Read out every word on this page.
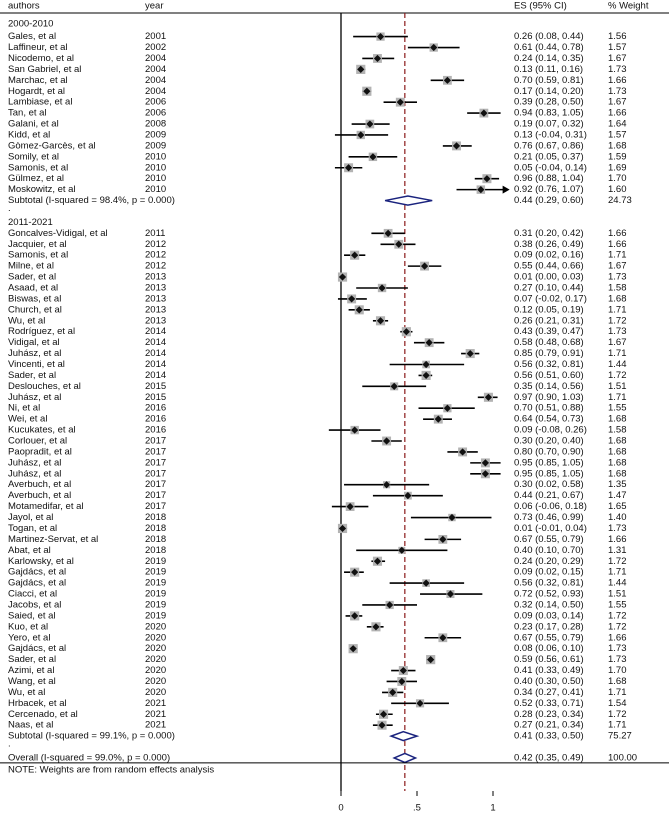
authors	year	ES (95% CI)	% Weight
2000-2010
Gales, et al	2001	0.26 (0.08, 0.44)	1.56
Laffineur, et al	2002	0.61 (0.44, 0.78)	1.57
Nicodemo, et al	2004	0.24 (0.14, 0.35)	1.67
San Gabriel, et al	2004	0.13 (0.11, 0.16)	1.73
Marchac, et al	2004	0.70 (0.59, 0.81)	1.66
Hogardt, et al	2004	0.17 (0.14, 0.20)	1.73
Lambiase, et al	2006	0.39 (0.28, 0.50)	1.67
Tan, et al	2006	0.94 (0.83, 1.05)	1.66
Galani, et al	2008	0.19 (0.07, 0.32)	1.64
Kidd, et al	2009	0.13 (-0.04, 0.31) 1.57
Gòmez-Garcès, et al	2009	0.76 (0.67, 0.86)	1.68
Somily, et al	2010	0.21 (0.05, 0.37)	1.59
Samonis, et al	2010	0.05 (-0.04, 0.14) 1.69
Gülmez, et al	2010	0.96 (0.88, 1.04)	1.70
Moskowitz, et al	2010	0.92 (0.76, 1.07)	1.60
Subtotal (I-squared = 98.4%, p = 0.000)	0.44 (0.29, 0.60)	24.73
.
2011-2021
Goncalves-Vidigal, et al	2011	0.31 (0.20, 0.42)	1.66
Jacquier, et al	2012	0.38 (0.26, 0.49)	1.66
Samonis, et al	2012	0.09 (0.02, 0.16)	1.71
Milne, et al	2012	0.55 (0.44, 0.66)	1.67
Sader, et al	2013	0.01 (0.00, 0.03)	1.73
Asaad, et al	2013	0.27 (0.10, 0.44)	1.58
Biswas, et al	2013	0.07 (-0.02, 0.17) 1.68
Church, et al	2013	0.12 (0.05, 0.19)	1.71
Wu, et al	2013	0.26 (0.21, 0.31)	1.72
Rodríguez, et al	2014	0.43 (0.39, 0.47)	1.73
Vidigal, et al	2014	0.58 (0.48, 0.68)	1.67
Juhász, et al	2014	0.85 (0.79, 0.91)	1.71
Vincenti, et al	2014	0.56 (0.32, 0.81)	1.44
Sader, et al	2014	0.56 (0.51, 0.60)	1.72
Deslouches, et al	2015	0.35 (0.14, 0.56)	1.51
Juhász, et al	2015	0.97 (0.90, 1.03)	1.71
Ni, et al	2016	0.70 (0.51, 0.88)	1.55
Wei, et al	2016	0.64 (0.54, 0.73)	1.68
Kucukates, et al	2016	0.09 (-0.08, 0.26) 1.58
Corlouer, et al	2017	0.30 (0.20, 0.40)	1.68
Paopradit, et al	2017	0.80 (0.70, 0.90)	1.68
Juhász, et al	2017	0.95 (0.85, 1.05)	1.68
Juhász, et al	2017	0.95 (0.85, 1.05)	1.68
Averbuch, et al	2017	0.30 (0.02, 0.58)	1.35
Averbuch, et al	2017	0.44 (0.21, 0.67)	1.47
Motamedifar, et al	2017	0.06 (-0.06, 0.18) 1.65
Jayol, et al	2018	0.73 (0.46, 0.99)	1.40
Togan, et al	2018	0.01 (-0.01, 0.04) 1.73
Martinez-Servat, et al	2018	0.67 (0.55, 0.79)	1.66
Abat, et al	2018	0.40 (0.10, 0.70)	1.31
Karlowsky, et al	2019	0.24 (0.20, 0.29)	1.72
Gajdács, et al	2019	0.09 (0.02, 0.15)	1.71
Gajdács, et al	2019	0.56 (0.32, 0.81)	1.44
Ciacci, et al	2019	0.72 (0.52, 0.93)	1.51
Jacobs, et al	2019	0.32 (0.14, 0.50)	1.55
Saied, et al	2019	0.09 (0.03, 0.14)	1.72
Kuo, et al	2020	0.23 (0.17, 0.28)	1.72
Yero, et al	2020	0.67 (0.55, 0.79)	1.66
Gajdács, et al	2020	0.08 (0.06, 0.10)	1.73
Sader, et al	2020	0.59 (0.56, 0.61)	1.73
Azimi, et al	2020	0.41 (0.33, 0.49)	1.70
Wang, et al	2020	0.40 (0.30, 0.50)	1.68
Wu, et al	2020	0.34 (0.27, 0.41)	1.71
Hrbacek, et al	2021	0.52 (0.33, 0.71)	1.54
Cercenado, et al	2021	0.28 (0.23, 0.34)	1.72
Naas, et al	2021	0.27 (0.21, 0.34)	1.71
Subtotal (I-squared = 99.1%, p = 0.000)	0.41 (0.33, 0.50)	75.27
.
Overall (I-squared = 99.0%, p = 0.000)	0.42 (0.35, 0.49)	100.00
NOTE: Weights are from random effects analysis
0	.5	1
